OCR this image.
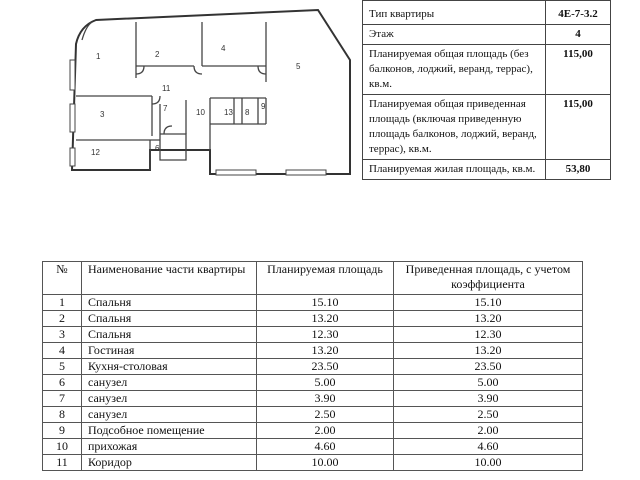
1	2
3
4
5
6
7	8
9
10
11
12
13
Тип квартиры	4E-7-3.2
Этаж	4
Планируемая общая площадь (без балконов, лоджий, веранд, террас), кв.м.	115,00
Планируемая общая приведенная площадь (включая приведенную площадь балконов, лоджий, веранд, террас), кв.м.	115,00
Планируемая жилая площадь, кв.м.	53,80
№	Наименование части квартиры	Планируемая площадь	Приведенная площадь, с учетом коэффициента
1	Спальня	15.10	15.10
2	Спальня	13.20	13.20
3	Спальня	12.30	12.30
4	Гостиная	13.20	13.20
5	Кухня-столовая	23.50	23.50
6	санузел	5.00	5.00
7	санузел	3.90	3.90
8	санузел	2.50	2.50
9	Подсобное помещение	2.00	2.00
10	прихожая	4.60	4.60
11	Коридор	10.00	10.00
